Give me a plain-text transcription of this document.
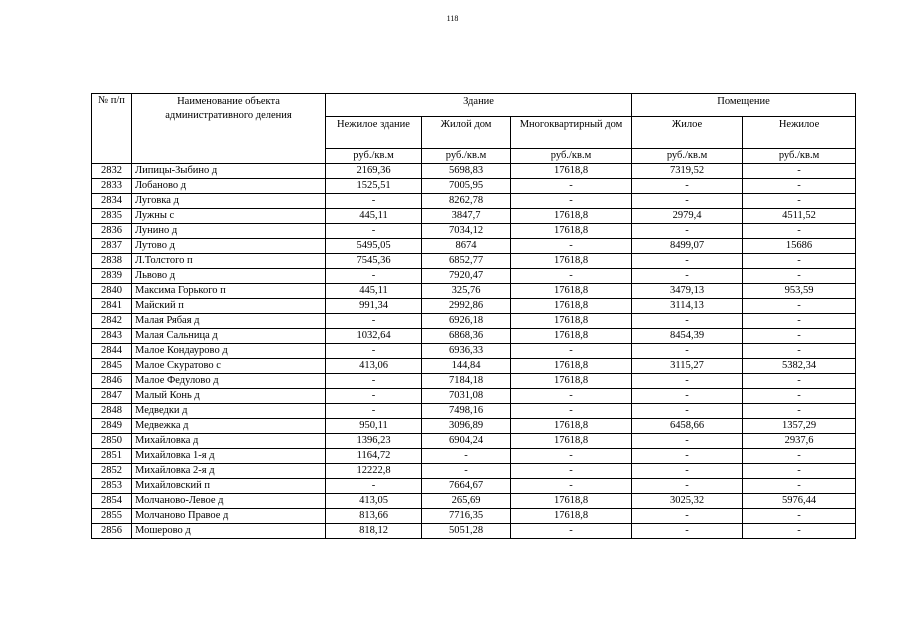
118
№ п/п	Наименование объекта административного деления	Здание			Помещение	
		Нежилое здание	Жилой дом	Многоквартирный дом	Жилое	Нежилое
		руб./кв.м	руб./кв.м	руб./кв.м	руб./кв.м	руб./кв.м
2832	Липицы-Зыбино д	2169,36	5698,83	17618,8	7319,52	-
2833	Лобаново д	1525,51	7005,95	-	-	-
2834	Луговка д	-	8262,78	-	-	-
2835	Лужны с	445,11	3847,7	17618,8	2979,4	4511,52
2836	Лунино д	-	7034,12	17618,8	-	-
2837	Лутово д	5495,05	8674	-	8499,07	15686
2838	Л.Толстого п	7545,36	6852,77	17618,8	-	-
2839	Львово д	-	7920,47	-	-	-
2840	Максима Горького п	445,11	325,76	17618,8	3479,13	953,59
2841	Майский п	991,34	2992,86	17618,8	3114,13	-
2842	Малая Рябая д	-	6926,18	17618,8	-	-
2843	Малая Сальница д	1032,64	6868,36	17618,8	8454,39	-
2844	Малое Кондаурово д	-	6936,33	-	-	-
2845	Малое Скуратово с	413,06	144,84	17618,8	3115,27	5382,34
2846	Малое Федулово д	-	7184,18	17618,8	-	-
2847	Малый Конь д	-	7031,08	-	-	-
2848	Медведки д	-	7498,16	-	-	-
2849	Медвежка д	950,11	3096,89	17618,8	6458,66	1357,29
2850	Михайловка д	1396,23	6904,24	17618,8	-	2937,6
2851	Михайловка 1-я д	1164,72	-	-	-	-
2852	Михайловка 2-я д	12222,8	-	-	-	-
2853	Михайловский п	-	7664,67	-	-	-
2854	Молчаново-Левое д	413,05	265,69	17618,8	3025,32	5976,44
2855	Молчаново Правое д	813,66	7716,35	17618,8	-	-
2856	Мошерово д	818,12	5051,28	-	-	-
